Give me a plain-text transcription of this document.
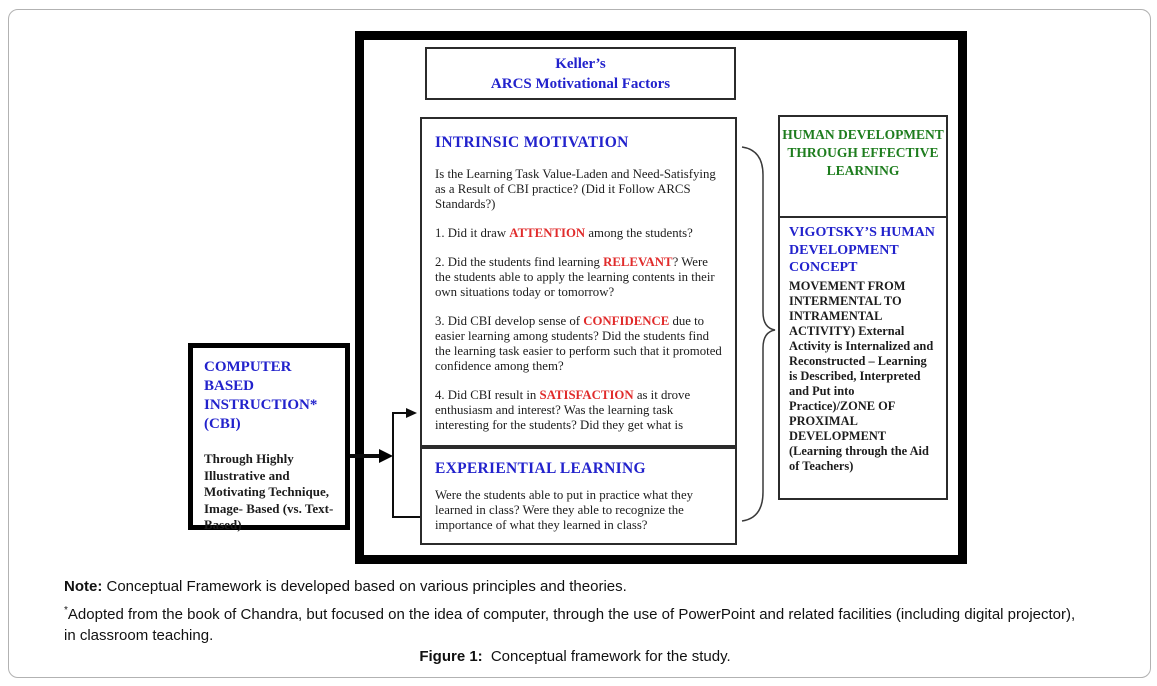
Keller’s
ARCS Motivational Factors

INTRINSIC MOTIVATION

Is the Learning Task Value-Laden and Need-Satisfying as a Result of CBI practice? (Did it Follow ARCS Standards?)

1. Did it draw ATTENTION among the students?

2. Did the students find learning RELEVANT? Were the students able to apply the learning contents in their own situations today or tomorrow?

3. Did CBI develop sense of CONFIDENCE due to easier learning among students? Did the students find the learning task easier to perform such that it promoted confidence among them?

4. Did CBI result in SATISFACTION as it drove enthusiasm and interest? Was the learning task interesting for the students? Did they get what is

EXPERIENTIAL LEARNING

Were the students able to put in practice what they learned in class? Were they able to recognize the importance of what they learned in class?

HUMAN DEVELOPMENT THROUGH EFFECTIVE LEARNING

VIGOTSKY’S HUMAN DEVELOPMENT CONCEPT

MOVEMENT FROM INTERMENTAL TO INTRAMENTAL ACTIVITY) External Activity is Internalized and Reconstructed – Learning is Described, Interpreted and Put into Practice)/ZONE OF PROXIMAL DEVELOPMENT (Learning through the Aid of Teachers)

COMPUTER BASED INSTRUCTION* (CBI)

Through Highly Illustrative and Motivating Technique, Image- Based (vs. Text-Based)

Note: Conceptual Framework is developed based on various principles and theories.

*Adopted from the book of Chandra, but focused on the idea of computer, through the use of PowerPoint and related facilities (including digital projector), in classroom teaching.

Figure 1: Conceptual framework for the study.
